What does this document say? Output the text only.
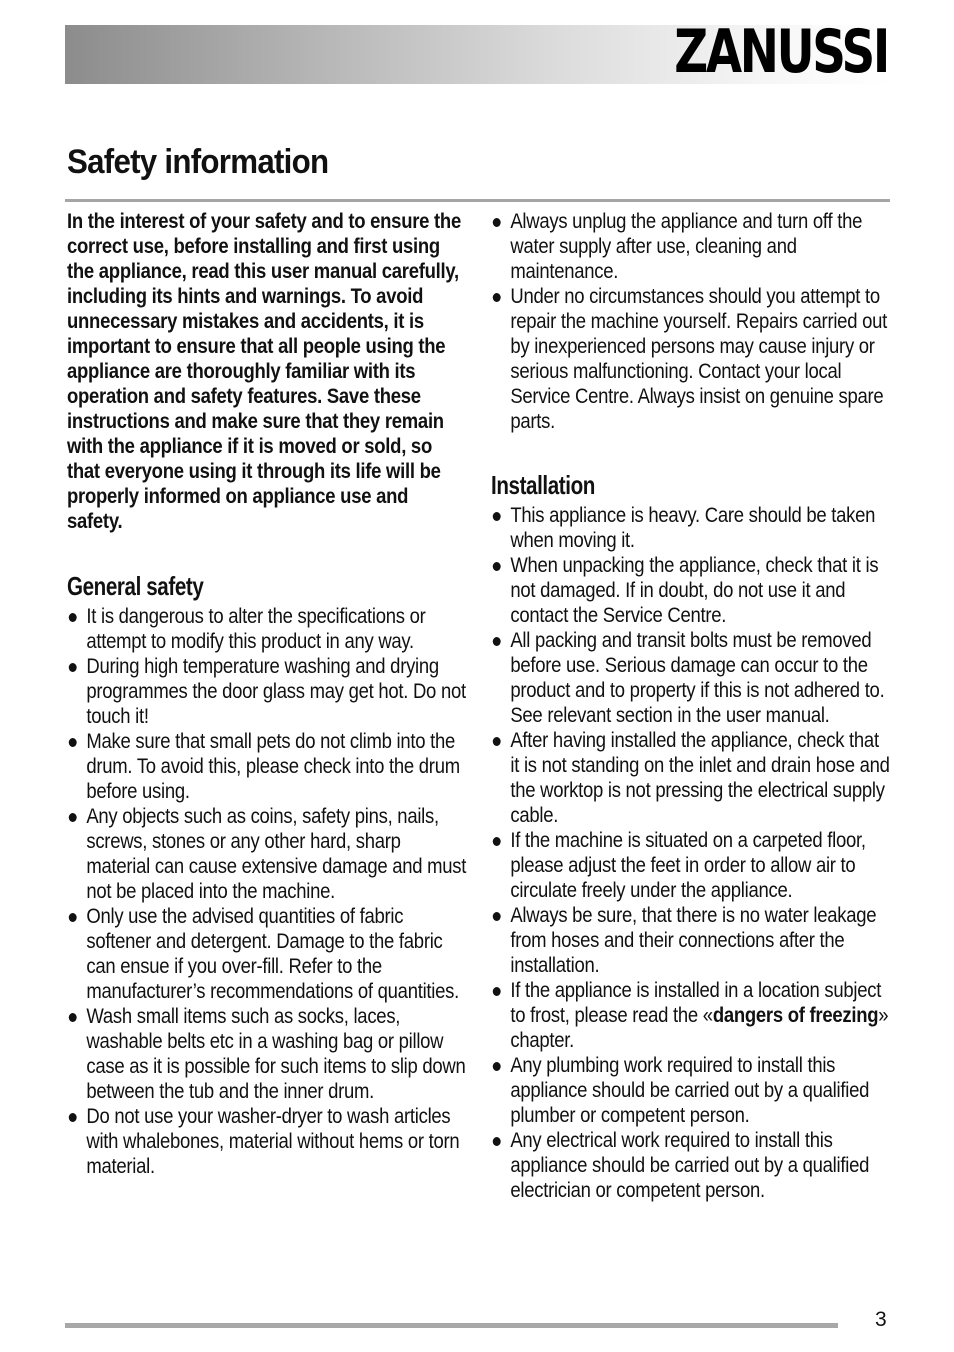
ZANUSSI
Safety information

In the interest of your safety and to ensure the correct use, before installing and first using the appliance, read this user manual carefully, including its hints and warnings. To avoid unnecessary mistakes and accidents, it is important to ensure that all people using the appliance are thoroughly familiar with its operation and safety features. Save these instructions and make sure that they remain with the appliance if it is moved or sold, so that everyone using it through its life will be properly informed on appliance use and safety.

General safety
It is dangerous to alter the specifications or attempt to modify this product in any way.
During high temperature washing and drying programmes the door glass may get hot. Do not touch it!
Make sure that small pets do not climb into the drum. To avoid this, please check into the drum before using.
Any objects such as coins, safety pins, nails, screws, stones or any other hard, sharp material can cause extensive damage and must not be placed into the machine.
Only use the advised quantities of fabric softener and detergent. Damage to the fabric can ensue if you over-fill. Refer to the manufacturer’s recommendations of quantities.
Wash small items such as socks, laces, washable belts etc in a washing bag or pillow case as it is possible for such items to slip down between the tub and the inner drum.
Do not use your washer-dryer to wash articles with whalebones, material without hems or torn material.
Always unplug the appliance and turn off the water supply after use, cleaning and maintenance.
Under no circumstances should you attempt to repair the machine yourself. Repairs carried out by inexperienced persons may cause injury or serious malfunctioning. Contact your local Service Centre. Always insist on genuine spare parts.
Installation
This appliance is heavy. Care should be taken when moving it.
When unpacking the appliance, check that it is not damaged. If in doubt, do not use it and contact the Service Centre.
All packing and transit bolts must be removed before use. Serious damage can occur to the product and to property if this is not adhered to. See relevant section in the user manual.
After having installed the appliance, check that it is not standing on the inlet and drain hose and the worktop is not pressing the electrical supply cable.
If the machine is situated on a carpeted floor, please adjust the feet in order to allow air to circulate freely under the appliance.
Always be sure, that there is no water leakage from hoses and their connections after the installation.
If the appliance is installed in a location subject to frost, please read the «dangers of freezing» chapter.
Any plumbing work required to install this appliance should be carried out by a qualified plumber or competent person.
Any electrical work required to install this appliance should be carried out by a qualified electrician or competent person.
3
